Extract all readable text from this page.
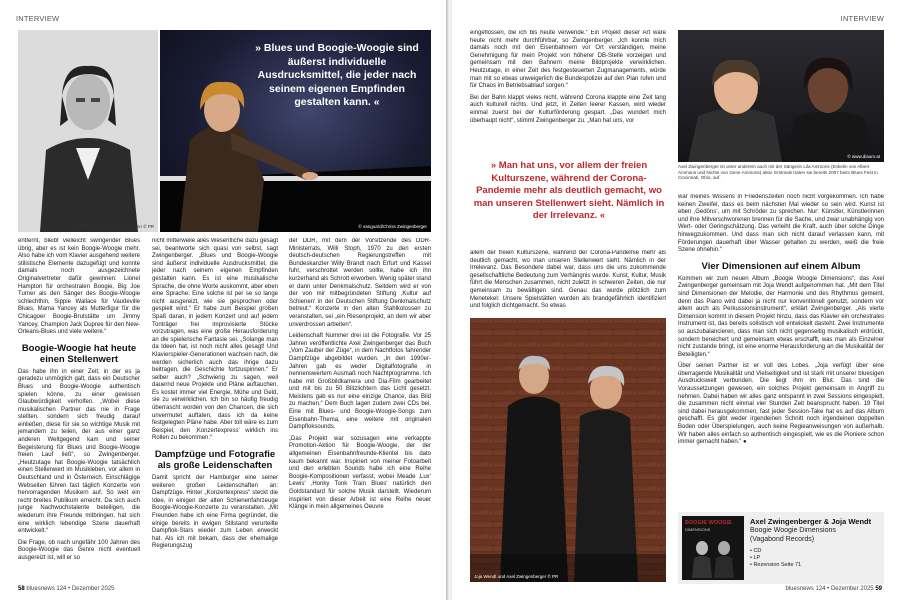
INTERVIEW
Promofoto aus den 1980er-Jahren © PR
» Blues und Boogie-Woogie sind äußerst individuelle Ausdrucksmittel, die jeder nach seinem eigenen Empfinden gestalten kann. «
© vanguard/Chriss Zwingenberger

entfernt, bleibt vielleicht swingender Blues übrig, aber es ist kein Boogie-Woogie mehr. Also habe ich vom Klavier ausgehend weitere stilistische Elemente dazugefügt und konnte damals noch ausgezeichnete Originalvertreter dafür gewinnen: Lionel Hampton für orchestralen Boogie, Big Joe Turner als den Sänger des Boogie-Woogie schlechthin, Sippie Wallace für Vaudeville Blues, Mama Yancey als Mutterfigur für die Chicagoer Boogie-Brutstätte um Jimmy Yancey, Champion Jack Dupree für den New-Orleans-Blues und viele weitere.“

Boogie-Woogie hat heute einen Stellenwert

Das habe ihn in einer Zeit, in der es ja geradezu unmöglich galt, dass ein Deutscher Blues und Boogie-Woogie authentisch spielen könne, zu einer gewissen Glaubwürdigkeit verholfen. „Wobei diese musikalischen Partner das nie in Frage stellten, sondern sich freudig darauf einließen, diese für sie so wichtige Musik mit jemandem zu teilen, der aus einer ganz anderen Weltgegend kam und seiner Begeisterung für Blues und Boogie-Woogie freien Lauf ließ“, so Zwingenberger. „Heutzutage hat Boogie-Woogie tatsächlich einen Stellenwert im Musikleben, vor allem in Deutschland und in Österreich. Einschlägige Webseiten führen fast täglich Konzerte von hervorragenden Musikern auf. So weit ein recht breites Publikum erreicht. Da sich auch junge Nachwuchstalente beteiligen, die wiederum ihre Freunde mitbringen, hat sich eine wirklich lebendige Szene dauerhaft entwickelt.“

Die Frage, ob nach ungefähr 100 Jahren des Boogie-Woogie das Genre nicht eventuell ausgereizt ist, will er so

nicht mitterweile alles Wesentliche dazu gesagt sei, beantworte sich quasi von selbst, sagt Zwingenberger. „Blues und Boogie-Woogie sind äußerst individuelle Ausdrucksmittel, die jeder nach seinem eigenen Empfinden gestalten kann. Es ist eine musikalische Sprache, die ohne Worte auskommt, aber eben eine Sprache. Eine solche ist per se so lange nicht ausgereizt, wie sie gesprochen oder gespielt wird.“ Er habe zum Beispiel großen Spaß daran, in jedem Konzert und auf jedem Tonträger frei improvisierte Stücke vorzutragen, was eine große Herausforderung an die spielerische Fantasie sei. „Solange man da Ideen hat, ist noch nicht alles gesagt! Und Klavierspieler-Generationen wachsen nach, die werden sicherlich auch das ihrige dazu beitragen, die Geschichte fortzuspinnen.“ Er selber auch? „Schwierig zu sagen, weil dauernd neue Projekte und Pläne auftauchen. Es kostet immer viel Energie, Mühe und Geld, sie zu verwirklichen. Ich bin so häufig freudig überrascht worden von den Chancen, die sich unvermutet auftaten, dass ich da keine festgelegten Pläne habe. Aber toll wäre es zum Beispiel, den ‚Konzertexpress‘ wirklich ins Rollen zu bekommen.“

Dampfzüge und Fotografie als große Leidenschaften

Damit spricht der Hamburger eine seiner weiteren großen Leidenschaften an: Dampfzüge. Hinter „Konzertexpress“ steckt die Idee, in einigen der alten Schienenfahrzeuge Boogie-Woogie-Konzerte zu veranstalten. „Mit Freunden habe ich eine Firma gegründet, die einige bereits in ewigen Stilstand verurteilte Dampflok-Stars wieder zum Leben erweckt hat. Als ich mit bekam, dass der ehemalige Regierungszug

der DDR, mit dem der Vorsitzende des DDR-Ministerrats, Willi Stoph, 1970 zu den ersten deutsch-deutschen Regierungstreffen mit Bundeskanzler Willy Brandt nach Erfurt und Kassel fuhr, verschrottet werden sollte, habe ich ihn kurzerhand als Schrott erworben. Wenig später stand er dann unter Denkmalschutz. Seitdem wird er von der von mir mitbegründeten Stiftung ‚Kultur auf Schienen‘ in der Deutschen Stiftung Denkmalschutz betreut.“ Konzerte in den alten Stahlkolossen zu veranstalten, sei „ein Riesenprojekt, an dem wir aber unverdrossen arbeiten“.

Leidenschaft Nummer drei ist die Fotografie. Vor 25 Jahren veröffentlichte Axel Zwingenberger das Buch „Vom Zauber der Züge“, in dem Nachtfotos fahrender Dampfzüge abgebildet wurden. „In den 1990er-Jahren gab es weder Digitalfotografie in nennenswertem Ausmaß noch Nachtprogramme. Ich habe mit Großbildkamera und Dia-Film gearbeitet und mit bis zu 50 Blitzlichtern das Licht gesetzt. Meistens gab es nur eine einzige Chance, das Bild zu machen.“ Dem Buch lagen zudem zwei CDs bei. Eine mit Blues- und Boogie-Woogie-Songs zum Eisenbahn-Thema, eine weitere mit originalen Dampfloksounds.

„Das Projekt war sozusagen eine verkappte Promotion-Aktion für Boogie-Woogie, der der allgemeinen Eisenbahnfreunde-Klientel bis dato kaum bekannt war. Inspiriert von meiner Fotoarbeit und den erlebten Sounds habe ich eine Reihe Boogie-Kompositionen verfasst, wobei Meade ‚Lux‘ Lewis‘ ‚Honky Tonk Train Blues‘ natürlich den Goldstandard für solche Musik darstellt. Wiederum inspiriert von dieser Arbeit ist eine Reihe neuer Klänge in mein allgemeines Oeuvre

58 bluesnews 124 • Dezember 2025
INTERVIEW

eingeflossen, die ich bis heute verwende.“ Ein Projekt dieser Art wäre heute nicht mehr durchführbar, so Zwingenberger. „Ich konnte mich damals noch mit den Eisenbahnern vor Ort verständigen, meine Genehmigung für mein Projekt von höherer DB-Stelle vorzeigen und gemeinsam mit den Bahnern meine Bildprojekte verwirklichen. Heutzutage, in einer Zeit des festgesteuerten Zugmanagements, würde man mit so etwas unweigerlich die Bundespolizei auf den Plan rufen und für Chaos im Betriebsablauf sorgen.“

Bei der Bahn klappt vieles nicht, während Corona klappte eine Zeit lang auch kulturell nichts. Und jetzt, in Zeiten leerer Kassen, wird wieder einmal zuerst bei der Kulturförderung gespart. „Das wundert mich überhaupt nicht“, stimmt Zwingenberger zu. „Man hat uns, vor

» Man hat uns, vor allem der freien Kulturszene, während der Corona-Pandemie mehr als deutlich gemacht, wo man unseren Stellenwert sieht. Nämlich in der Irrelevanz. «

allem der freien Kulturszene, während der Corona-Pandemie mehr als deutlich gemacht, wo man unseren Stellenwert sieht. Nämlich in der Irrelevanz. Das Besondere dabei war, dass uns die uns zukommende gesellschaftliche Bedeutung zum Verhängnis wurde. Kunst, Kultur, Musik führt die Menschen zusammen, nicht zuletzt in schweren Zeiten, die nur gemeinsam zu bewältigen sind. Genau das wurde plötzlich zum Menetekel: Unsere Spielstätten wurden als brandgefährlich identifiziert und folglich dichtgemacht. So etwas

Joja Wendt und Axel Zwingenberger © PR
© www.diaum.at
Axel Zwingenberger ist unter anderem auch mit der Sängerin Lila Ammons (Enkelin von Albert Ammons und Nichte von Gene Ammons) aktiv. Erstmals traten sie bereits 2007 beim Blues Fest in Cincinnati, Ohio, auf.

war meines Wissens in Friedenszeiten noch nicht vorgekommen. Ich habe keinen Zweifel, dass es beim nächsten Mal wieder so sein wird. Kunst ist eben ‚Gedöns‘, um mit Schröder zu sprechen. Nur: Künstler, Künstlerinnen und ihre Mitverschworenen brennen für die Sache, und zwar unabhängig von Wert- oder Geringschätzung. Das verleiht die Kraft, auch über solche Dinge hinwegzukommen. Und dass man sich nicht darauf verlassen kann, mit Förderungen dauerhaft über Wasser gehalten zu werden, weiß die freie Szene ohnehin.“

Vier Dimensionen auf einem Album

Kommen wir zum neuen Album „Boogie Woogie Dimensions“, das Axel Zwingenberger gemeinsam mit Joja Wendt aufgenommen hat. „Mit dem Titel sind Dimensionen der Melodie, der Harmonie und des Rhythmus gemeint, denn das Piano wird dabei ja nicht nur konventionell genutzt, sondern vor allem auch als Perkussionsinstrument“, erklärt Zwingenberger. „Als vierte Dimension kommt in diesem Projekt hinzu, dass das Klavier ein orchestrales Instrument ist, das bereits solistisch voll entwickelt dasteht. Zwei Instrumente so auszubalancieren, dass man sich nicht gegenseitig musikalisch erdrückt, sondern bereichert und gemeinsam etwas erschafft, was man als Einzelner nicht zustande bringt, ist eine enorme Herausforderung an die Musikalität der Beteiligten.“

Über seinen Partner ist er voll des Lobes. „Joja verfügt über eine überragende Musikalität und Vielseitigkeit und ist stark mit unserer bluesigen Ausdruckswelt verbunden. Die liegt ihm im Blut. Das sind die Voraussetzungen gewesen, ein solches Projekt gemeinsam in Angriff zu nehmen. Dabei haben wir alles ganz entspannt in zwei Sessions eingespielt, die zusammen nicht einmal vier Stunden Zeit beansprucht haben. 19 Titel sind dabei herausgekommen, fast jeder Session-Take hat es auf das Album geschafft. Es gibt weder irgendeinen Schnitt noch irgendeinen doppelten Boden oder Überspielungen, auch keine Regieanweisungen von außerhalb. Wir haben alles einfach so authentisch eingespielt, wie es die Pioniere schon immer gemacht haben.“ ●

BOOGIE WOOGIE
DIMENSIONS
Axel Zwingenberger & Joja Wendt
Boogie Woogie Dimensions
(Vagabond Records)
• CD
• LP
• Rezension Seite 71
bluesnews 124 • Dezember 2025 59
